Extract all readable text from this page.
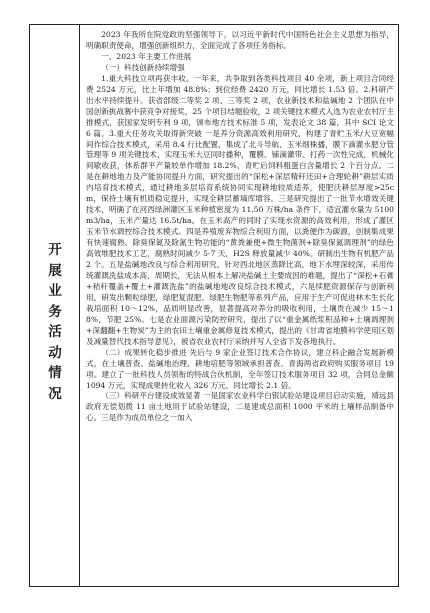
开
展
业
务
活
动
情
况

2023 年我所在院党政的坚强领导下，以习近平新时代中国特色社会主义思想为指导，明确职责使命，增强创新组织力，全面完成了各项任务指标。

一、2023 年主要工作进展

（一）科技创新持续增强

1.重大科技立项再获丰收。一年来，共争取到各类科技项目 40 余项，新上项目合同经费 2524 万元，比上年增加 48.8%；到位经费 2420 万元，同比增长 1.53 倍。2.科研产出水平持续提升。获省部级二等奖 2 项、三等奖 2 项，农业新技术和盐碱地 2 个团队在中国创新挑战赛中获竞争对接奖，25 个项目结题验收，2 项关键技术模式入选为农业农村厅主推模式，获国家发明专利 9 项，颁布地方技术标准 5 项，发表论文 38 篇，其中 SCI 论文 6 篇。3.重大任务攻关取得新突破 一是养分资源高效利用研究，构建了青贮玉米/大豆宽幅间作综合技术模式，采用 8.4 行比配置，集成了北斗导航、玉米细株播，膜下滴灌水肥分管管理等 9 项关键技术，实现玉米大豆同时播种，覆膜、铺滴灌带、打药一次性完成，机械化间歇收获，体系群平产量较单作增加 18.2%，青贮后饲料粗蛋白含量增长 2 个百分点。二是在耕地地力及产能协同提升方面，研究提出的“深松+深层精秆还田+合理轮耕”耕层实质内培育技术模式，通过耕地多层培育系统协同实现耕地较质适养，使肥沃耕层厚度>25cm，保持土壤有机质稳定提升，实现全耕层蓄墒库增容。三是研究提出了一批节水增效关键技术，明确了在河西绿洲灌区玉米种植密度为 11.50 万株/ha 条件下，适宜灌水量为 5100m3/ha，玉米产量达 16.5t/ha。在玉米高产的同时了实现水资源的高效利用，形成了灌区玉米节水调控综合技术模式。四是养殖废弃物综合利用方面，以粪便作为碳源，创制集成果有快速腐熟、除臭保氮及除氮生物功能的“黄粪兼便+微生物菌剂+除臭保氮调理剂”的绿色高效堆肥技术工艺，腐熟时间减少 5-7 天，H2S 释放量减少 40%。研制出生物有机肥产品 2 个。五是盐碱地改良与综合利用研究，针对西北地区蒸降比高，地下水埋深较深，采用传统灌溉洗盐成本高，周期长，无法从根本上解决盐碱土主要成因的难题，提出了“深松+石膏+秸秆覆盖+覆土+灌溉洗盐”的盐碱地地改良综合技术模式，六是续肥资源保存与创新利用，研发出颗粒绿肥，绿肥复混肥、绿肥生物肥等系列产品，应用于生产可促进林木生长化栽培面积 10～12%，品质明显改善，显著提高对养分的吸收利用，土壤贵在减少 15～18%，节肥 25%。七是农业面源污染防控研究，提出了以“重金属纸浆积品种+土壤调理剂+深翻翻+生物炭”为主的农田土壤重金属修复技术模式，提出的《甘肃省地膜科学使用区划及减量替代技术指导意见》，被省农业农村厅采纳并写入全省下发各地执行。

（二）成果转化稳步推进 先后与 9 家企业签订技术合作协议，建立科企融合发展新模式，在土壤普查、盐碱地治理、耕地培肥等领域承担普查、青海两省政府购买服务项目 19 项。建立了一批科技人员领衔的特战合伙机制，全年签订技术服务项目 32 项，合同总金额 1094 万元，实现成果转化收入 326 万元，同比增长 2.1 倍。

（三）科研平台建设成效显著 一是国家农业科学白银试验站建设项目启动实施，靖远县政府无偿划拨 11 亩土地用于试验站建设，二是建成总面积 1000 平米的土壤样品制备中心。三是作为成员单位之一加入
